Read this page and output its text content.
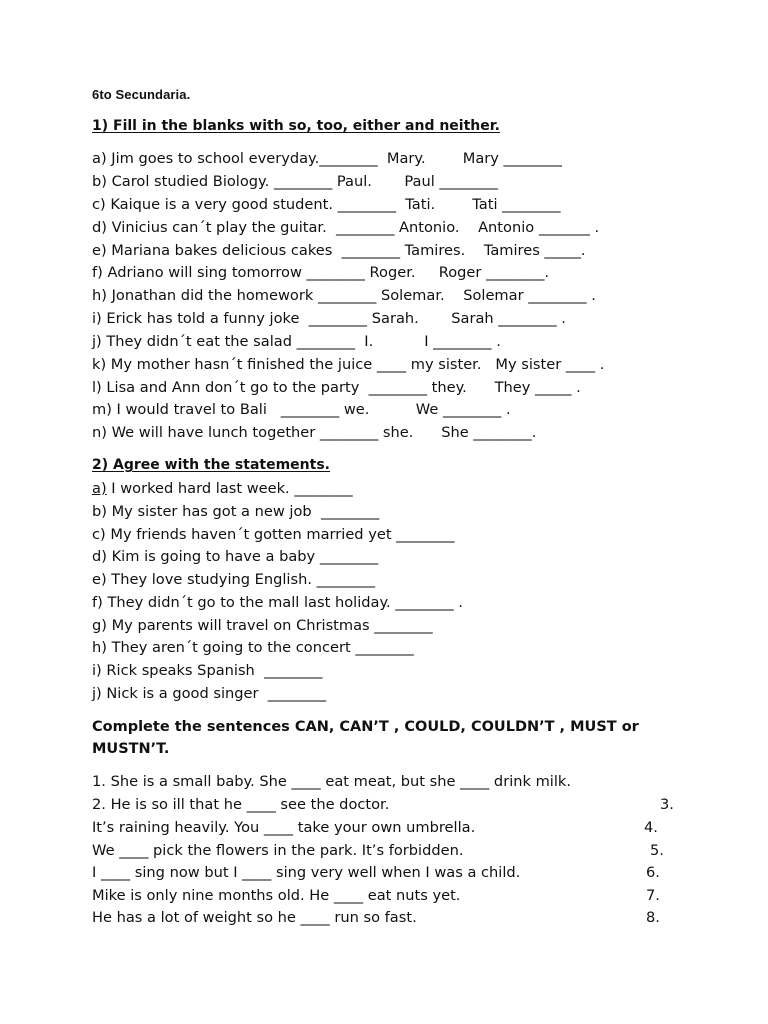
6to Secundaria.
1) Fill in the blanks with so, too, either and neither.
a) Jim goes to school everyday.________  Mary.        Mary ________
b) Carol studied Biology. ________ Paul.       Paul ________
c) Kaique is a very good student. ________  Tati.        Tati ________
d) Vinicius can´t play the guitar.  ________ Antonio.    Antonio _______ .
e) Mariana bakes delicious cakes  ________ Tamires.    Tamires _____.
f) Adriano will sing tomorrow ________ Roger.     Roger ________.
h) Jonathan did the homework ________ Solemar.    Solemar ________ .
i) Erick has told a funny joke  ________ Sarah.       Sarah ________ .
j) They didn´t eat the salad ________  I.           I ________ .
k) My mother hasn´t finished the juice ____ my sister.   My sister ____ .
l) Lisa and Ann don´t go to the party  ________ they.      They _____ .
m) I would travel to Bali   ________ we.          We ________ .
n) We will have lunch together ________ she.      She ________.
2) Agree with the statements.
a) I worked hard last week. ________
b) My sister has got a new job  ________
c) My friends haven´t gotten married yet ________
d) Kim is going to have a baby ________
e) They love studying English. ________
f) They didn´t go to the mall last holiday. ________ .
g) My parents will travel on Christmas ________
h) They aren´t going to the concert ________
i) Rick speaks Spanish  ________
j) Nick is a good singer  ________
Complete the sentences CAN, CAN’T , COULD, COULDN’T , MUST or MUSTN’T.
1. She is a small baby. She ____ eat meat, but she ____ drink milk.
2. He is so ill that he ____ see the doctor.	3.
It’s raining heavily. You ____ take your own umbrella.	4.
We ____ pick the flowers in the park. It’s forbidden.	5.
I ____ sing now but I ____ sing very well when I was a child.	6.
Mike is only nine months old. He ____ eat nuts yet.	7.
He has a lot of weight so he ____ run so fast.	8.
